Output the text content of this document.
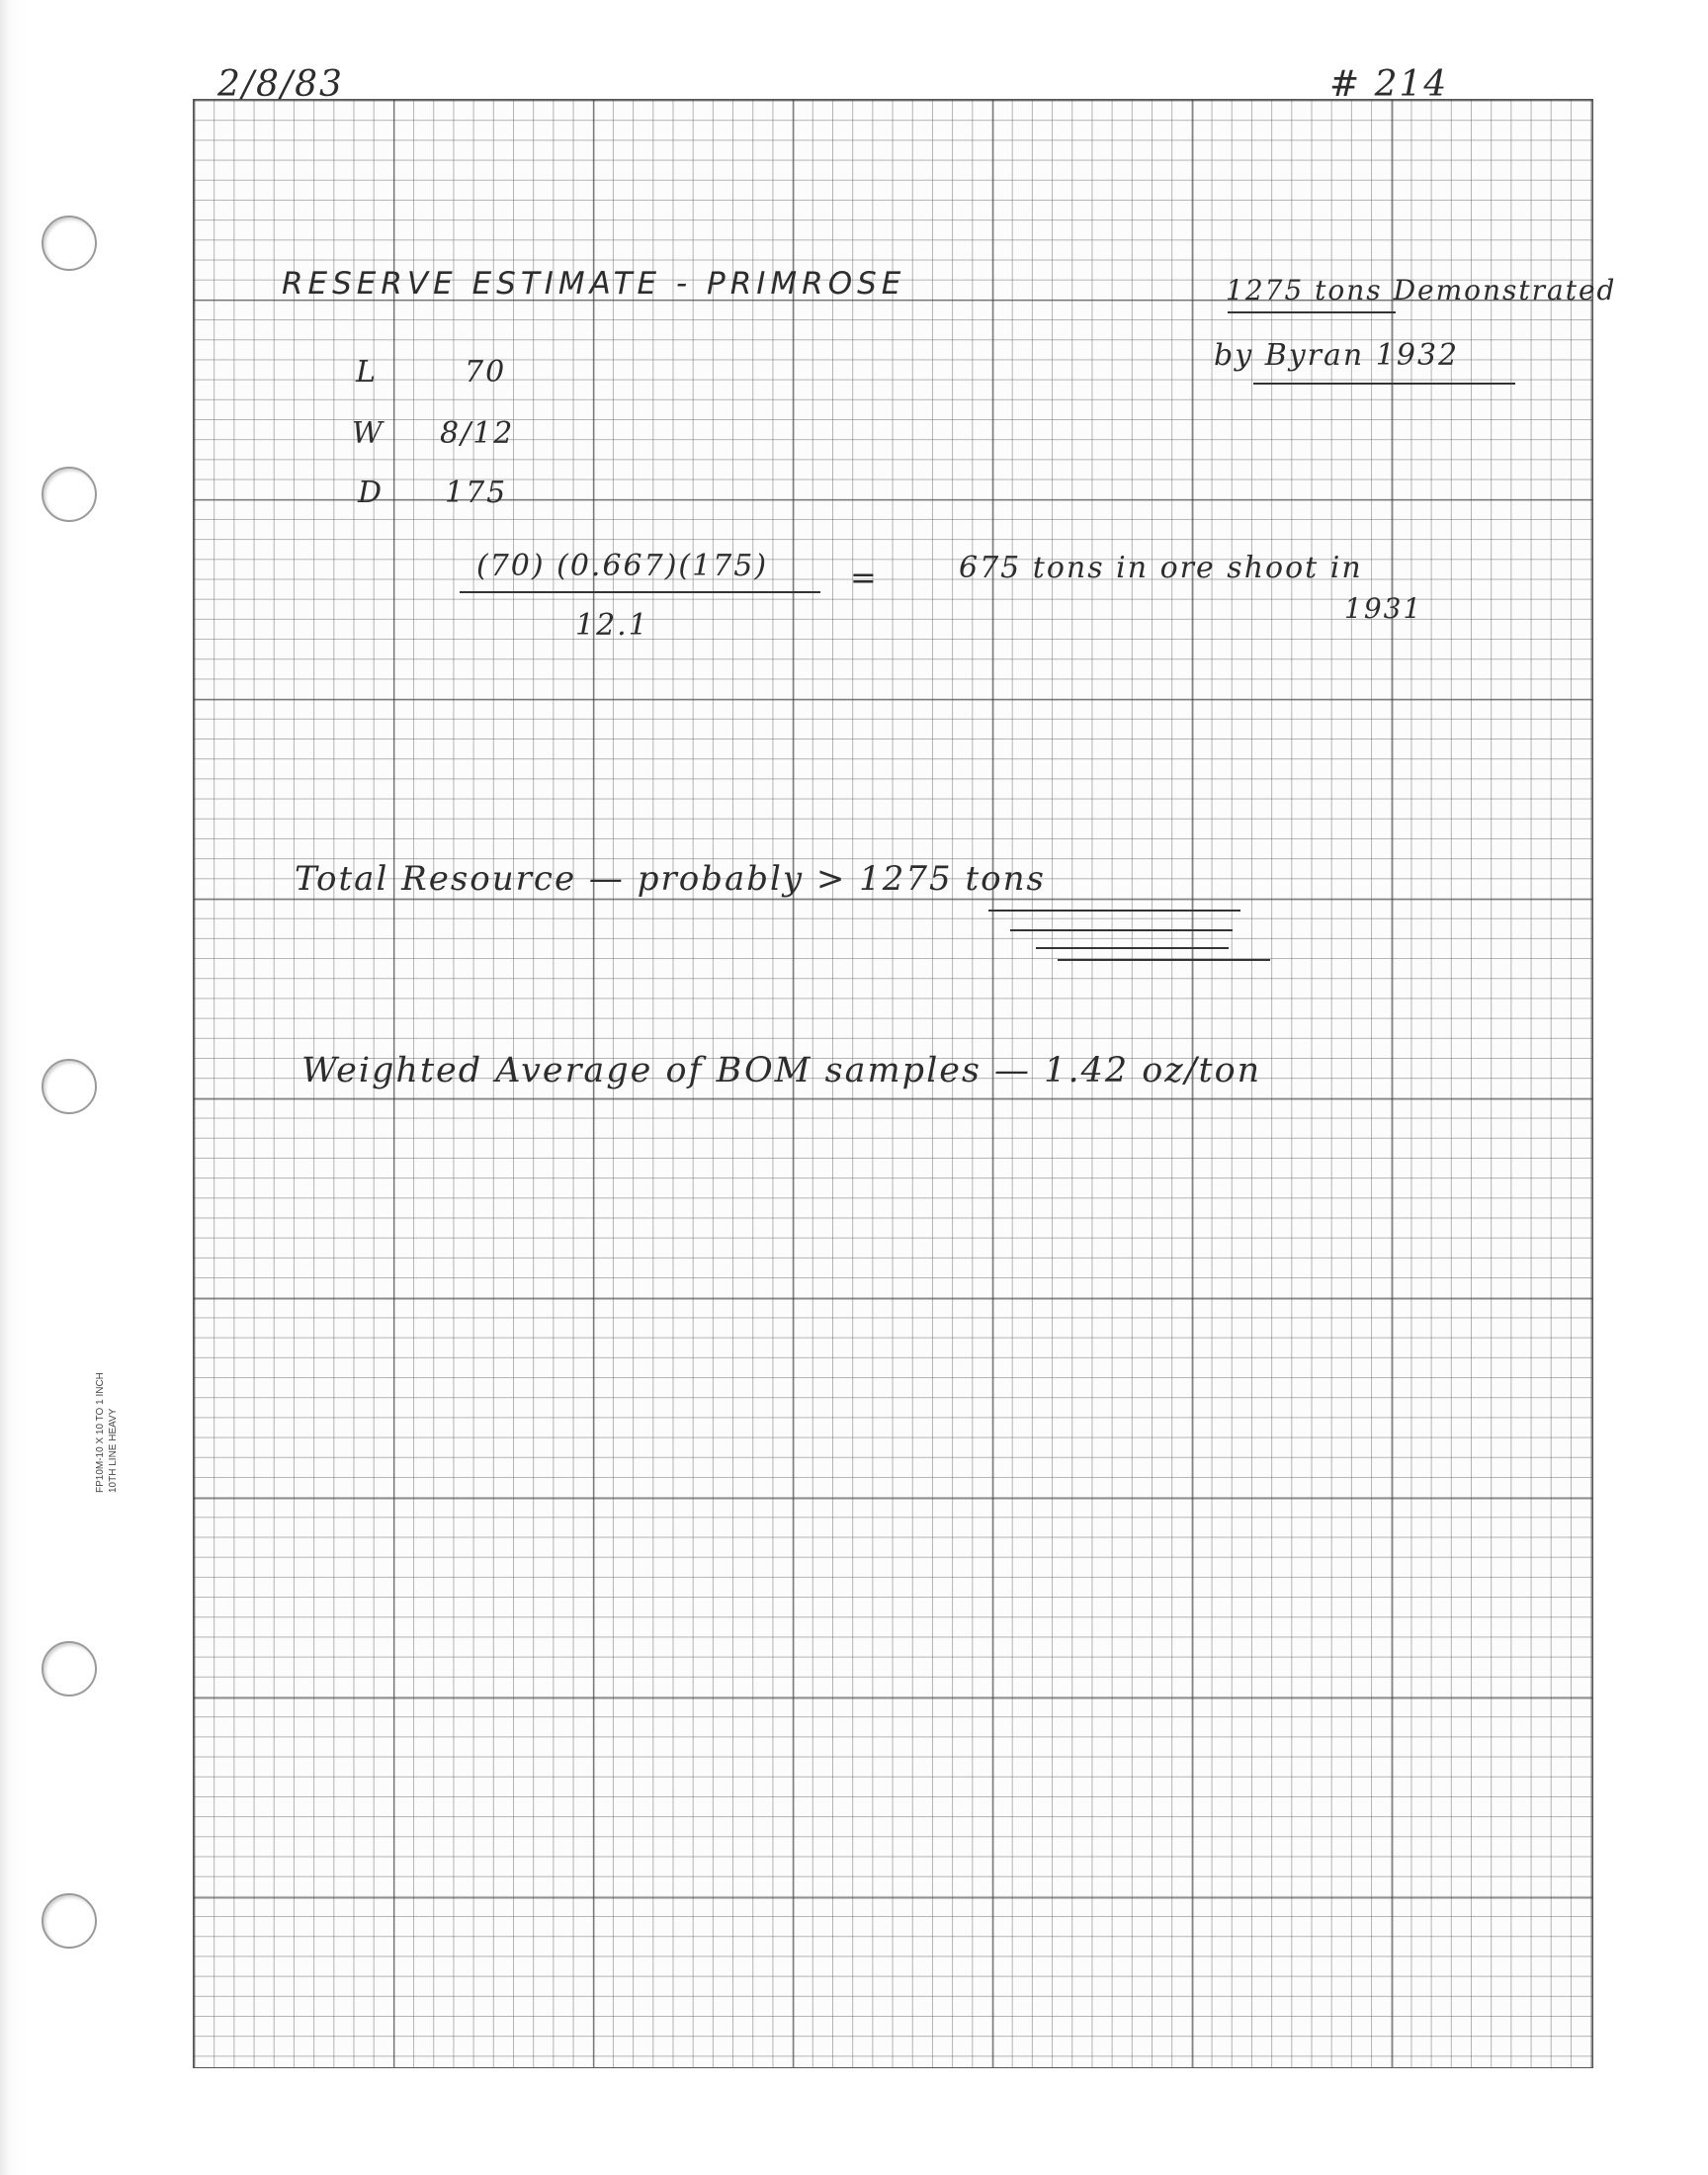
FP10M-10 X 10 TO 1 INCH 10TH LINE HEAVY
2/8/83	# 214
RESERVE ESTIMATE - PRIMROSE	1275 tons Demonstrated
by Byran 1932
L	70
W 8/12
D 175
(70) (0.667)(175)	=
12.1
675 tons in ore shoot in
1931
Total Resource — probably > 1275 tons
Weighted Average of BOM samples — 1.42 oz/ton
